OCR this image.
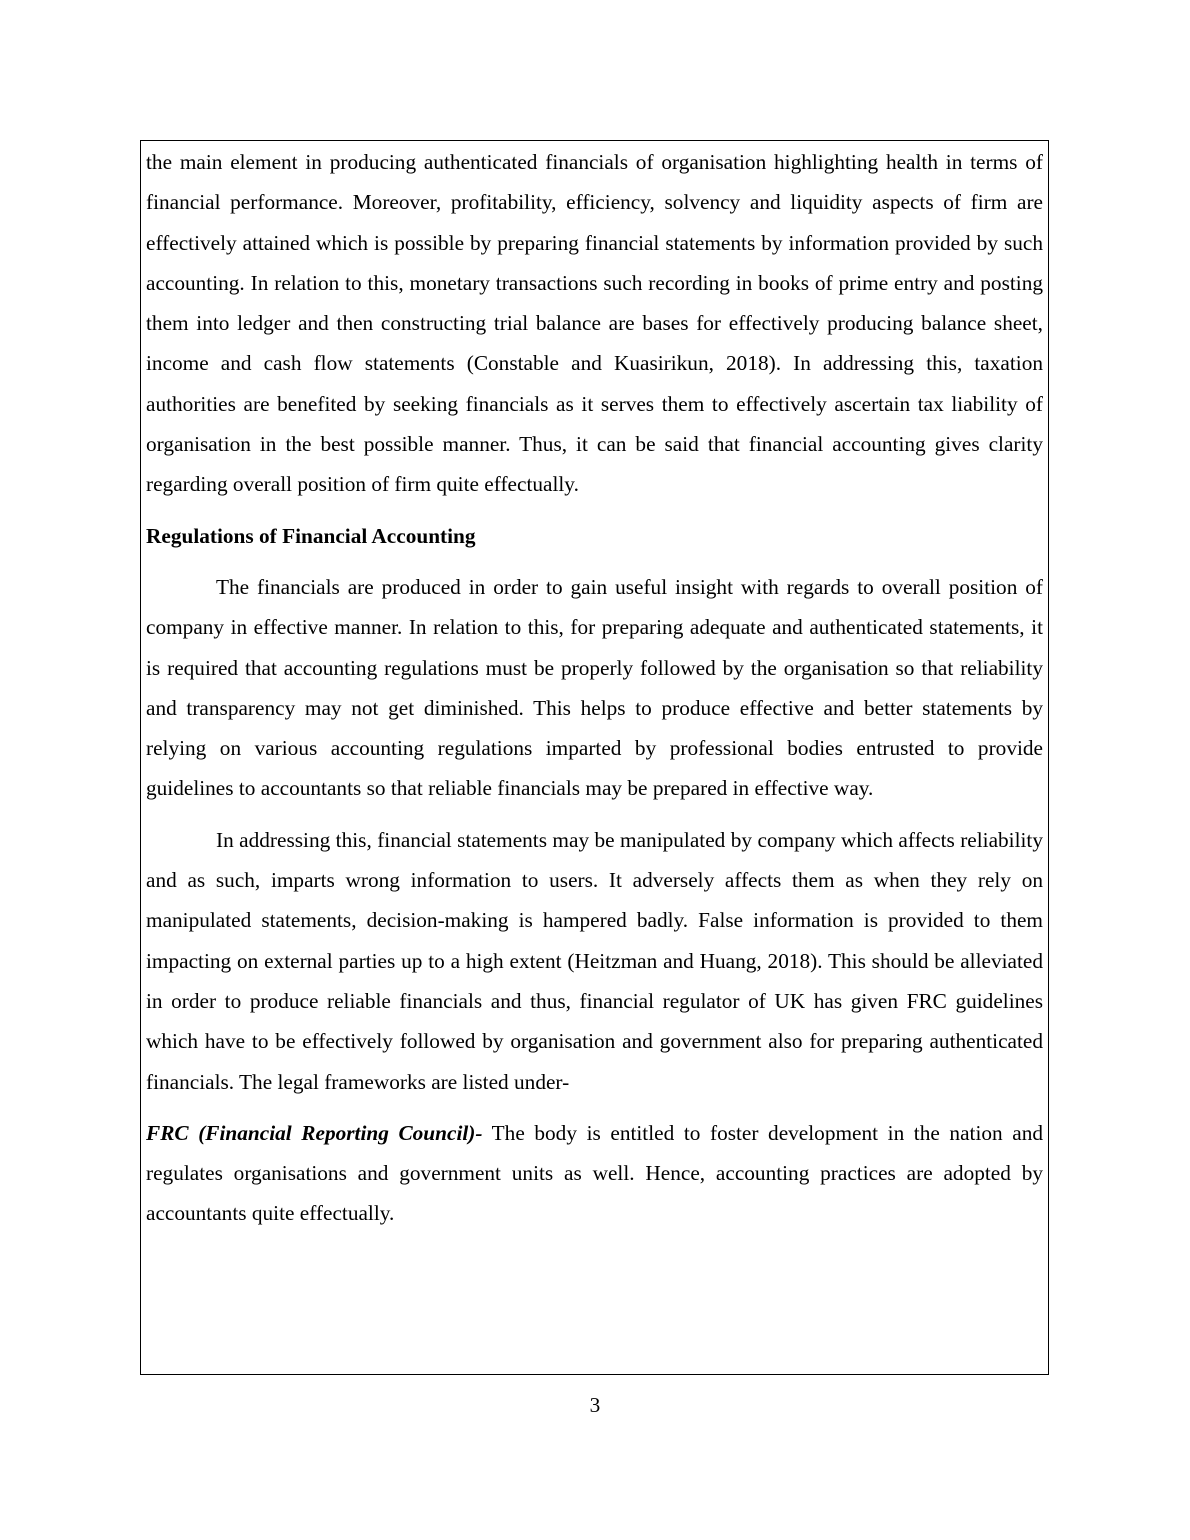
the main element in producing authenticated financials of organisation highlighting health in terms of financial performance. Moreover, profitability, efficiency, solvency and liquidity aspects of firm are effectively attained which is possible by preparing financial statements by information provided by such accounting. In relation to this, monetary transactions such recording in books of prime entry and posting them into ledger and then constructing trial balance are bases for effectively producing balance sheet, income and cash flow statements (Constable and Kuasirikun, 2018). In addressing this, taxation authorities are benefited by seeking financials as it serves them to effectively ascertain tax liability of organisation in the best possible manner. Thus, it can be said that financial accounting gives clarity regarding overall position of firm quite effectually.

Regulations of Financial Accounting

The financials are produced in order to gain useful insight with regards to overall position of company in effective manner. In relation to this, for preparing adequate and authenticated statements, it is required that accounting regulations must be properly followed by the organisation so that reliability and transparency may not get diminished. This helps to produce effective and better statements by relying on various accounting regulations imparted by professional bodies entrusted to provide guidelines to accountants so that reliable financials may be prepared in effective way.

In addressing this, financial statements may be manipulated by company which affects reliability and as such, imparts wrong information to users. It adversely affects them as when they rely on manipulated statements, decision-making is hampered badly. False information is provided to them impacting on external parties up to a high extent (Heitzman and Huang, 2018). This should be alleviated in order to produce reliable financials and thus, financial regulator of UK has given FRC guidelines which have to be effectively followed by organisation and government also for preparing authenticated financials. The legal frameworks are listed under-

FRC (Financial Reporting Council)- The body is entitled to foster development in the nation and regulates organisations and government units as well. Hence, accounting practices are adopted by accountants quite effectually.

3
